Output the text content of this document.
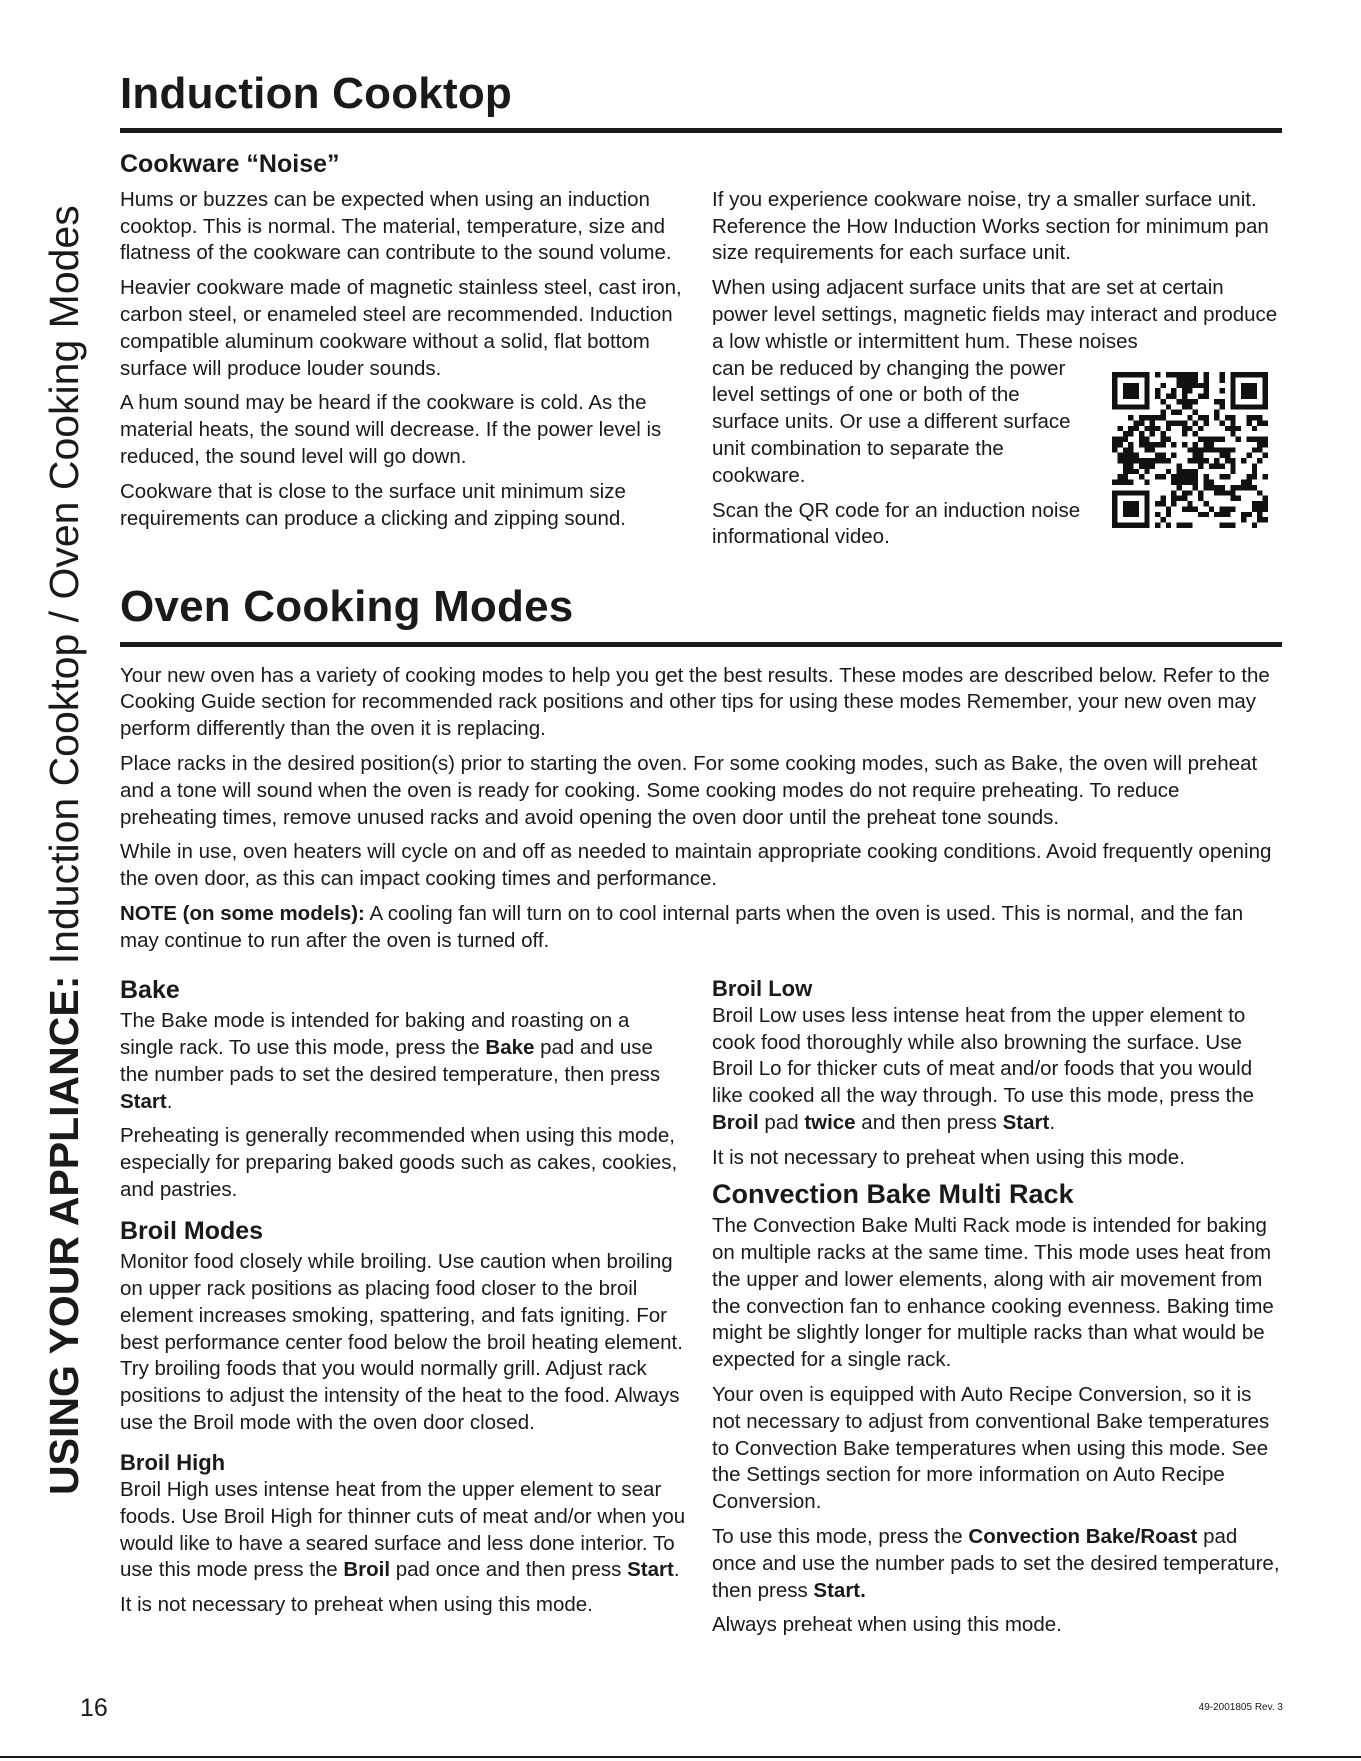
USING YOUR APPLIANCE: Induction Cooktop / Oven Cooking Modes
Induction Cooktop
Cookware “Noise”

Hums or buzzes can be expected when using an induction cooktop. This is normal. The material, temperature, size and flatness of the cookware can contribute to the sound volume.

Heavier cookware made of magnetic stainless steel, cast iron, carbon steel, or enameled steel are recommended. Induction compatible aluminum cookware without a solid, flat bottom surface will produce louder sounds.

A hum sound may be heard if the cookware is cold. As the material heats, the sound will decrease. If the power level is reduced, the sound level will go down.

Cookware that is close to the surface unit minimum size requirements can produce a clicking and zipping sound.

If you experience cookware noise, try a smaller surface unit. Reference the How Induction Works section for minimum pan size requirements for each surface unit.

When using adjacent surface units that are set at certain power level settings, magnetic fields may interact and produce a low whistle or intermittent hum. These noises

can be reduced by changing the power level settings of one or both of the surface units. Or use a different surface unit combination to separate the cookware.

Scan the QR code for an induction noise informational video.

Oven Cooking Modes

Your new oven has a variety of cooking modes to help you get the best results. These modes are described below. Refer to the Cooking Guide section for recommended rack positions and other tips for using these modes Remember, your new oven may perform differently than the oven it is replacing.

Place racks in the desired position(s) prior to starting the oven. For some cooking modes, such as Bake, the oven will preheat and a tone will sound when the oven is ready for cooking. Some cooking modes do not require preheating. To reduce preheating times, remove unused racks and avoid opening the oven door until the preheat tone sounds.

While in use, oven heaters will cycle on and off as needed to maintain appropriate cooking conditions. Avoid frequently opening the oven door, as this can impact cooking times and performance.

NOTE (on some models): A cooling fan will turn on to cool internal parts when the oven is used. This is normal, and the fan may continue to run after the oven is turned off.

Bake

The Bake mode is intended for baking and roasting on a single rack. To use this mode, press the Bake pad and use the number pads to set the desired temperature, then press Start.

Preheating is generally recommended when using this mode, especially for preparing baked goods such as cakes, cookies, and pastries.

Broil Modes

Monitor food closely while broiling. Use caution when broiling on upper rack positions as placing food closer to the broil element increases smoking, spattering, and fats igniting. For best performance center food below the broil heating element. Try broiling foods that you would normally grill. Adjust rack positions to adjust the intensity of the heat to the food. Always use the Broil mode with the oven door closed.

Broil High

Broil High uses intense heat from the upper element to sear foods. Use Broil High for thinner cuts of meat and/or when you would like to have a seared surface and less done interior. To use this mode press the Broil pad once and then press Start.

It is not necessary to preheat when using this mode.

Broil Low

Broil Low uses less intense heat from the upper element to cook food thoroughly while also browning the surface. Use Broil Lo for thicker cuts of meat and/or foods that you would like cooked all the way through. To use this mode, press the Broil pad twice and then press Start.

It is not necessary to preheat when using this mode.

Convection Bake Multi Rack

The Convection Bake Multi Rack mode is intended for baking on multiple racks at the same time. This mode uses heat from the upper and lower elements, along with air movement from the convection fan to enhance cooking evenness. Baking time might be slightly longer for multiple racks than what would be expected for a single rack.

Your oven is equipped with Auto Recipe Conversion, so it is not necessary to adjust from conventional Bake temperatures to Convection Bake temperatures when using this mode. See the Settings section for more information on Auto Recipe Conversion.

To use this mode, press the Convection Bake/Roast pad once and use the number pads to set the desired temperature, then press Start.

Always preheat when using this mode.

16	49-2001805 Rev. 3
